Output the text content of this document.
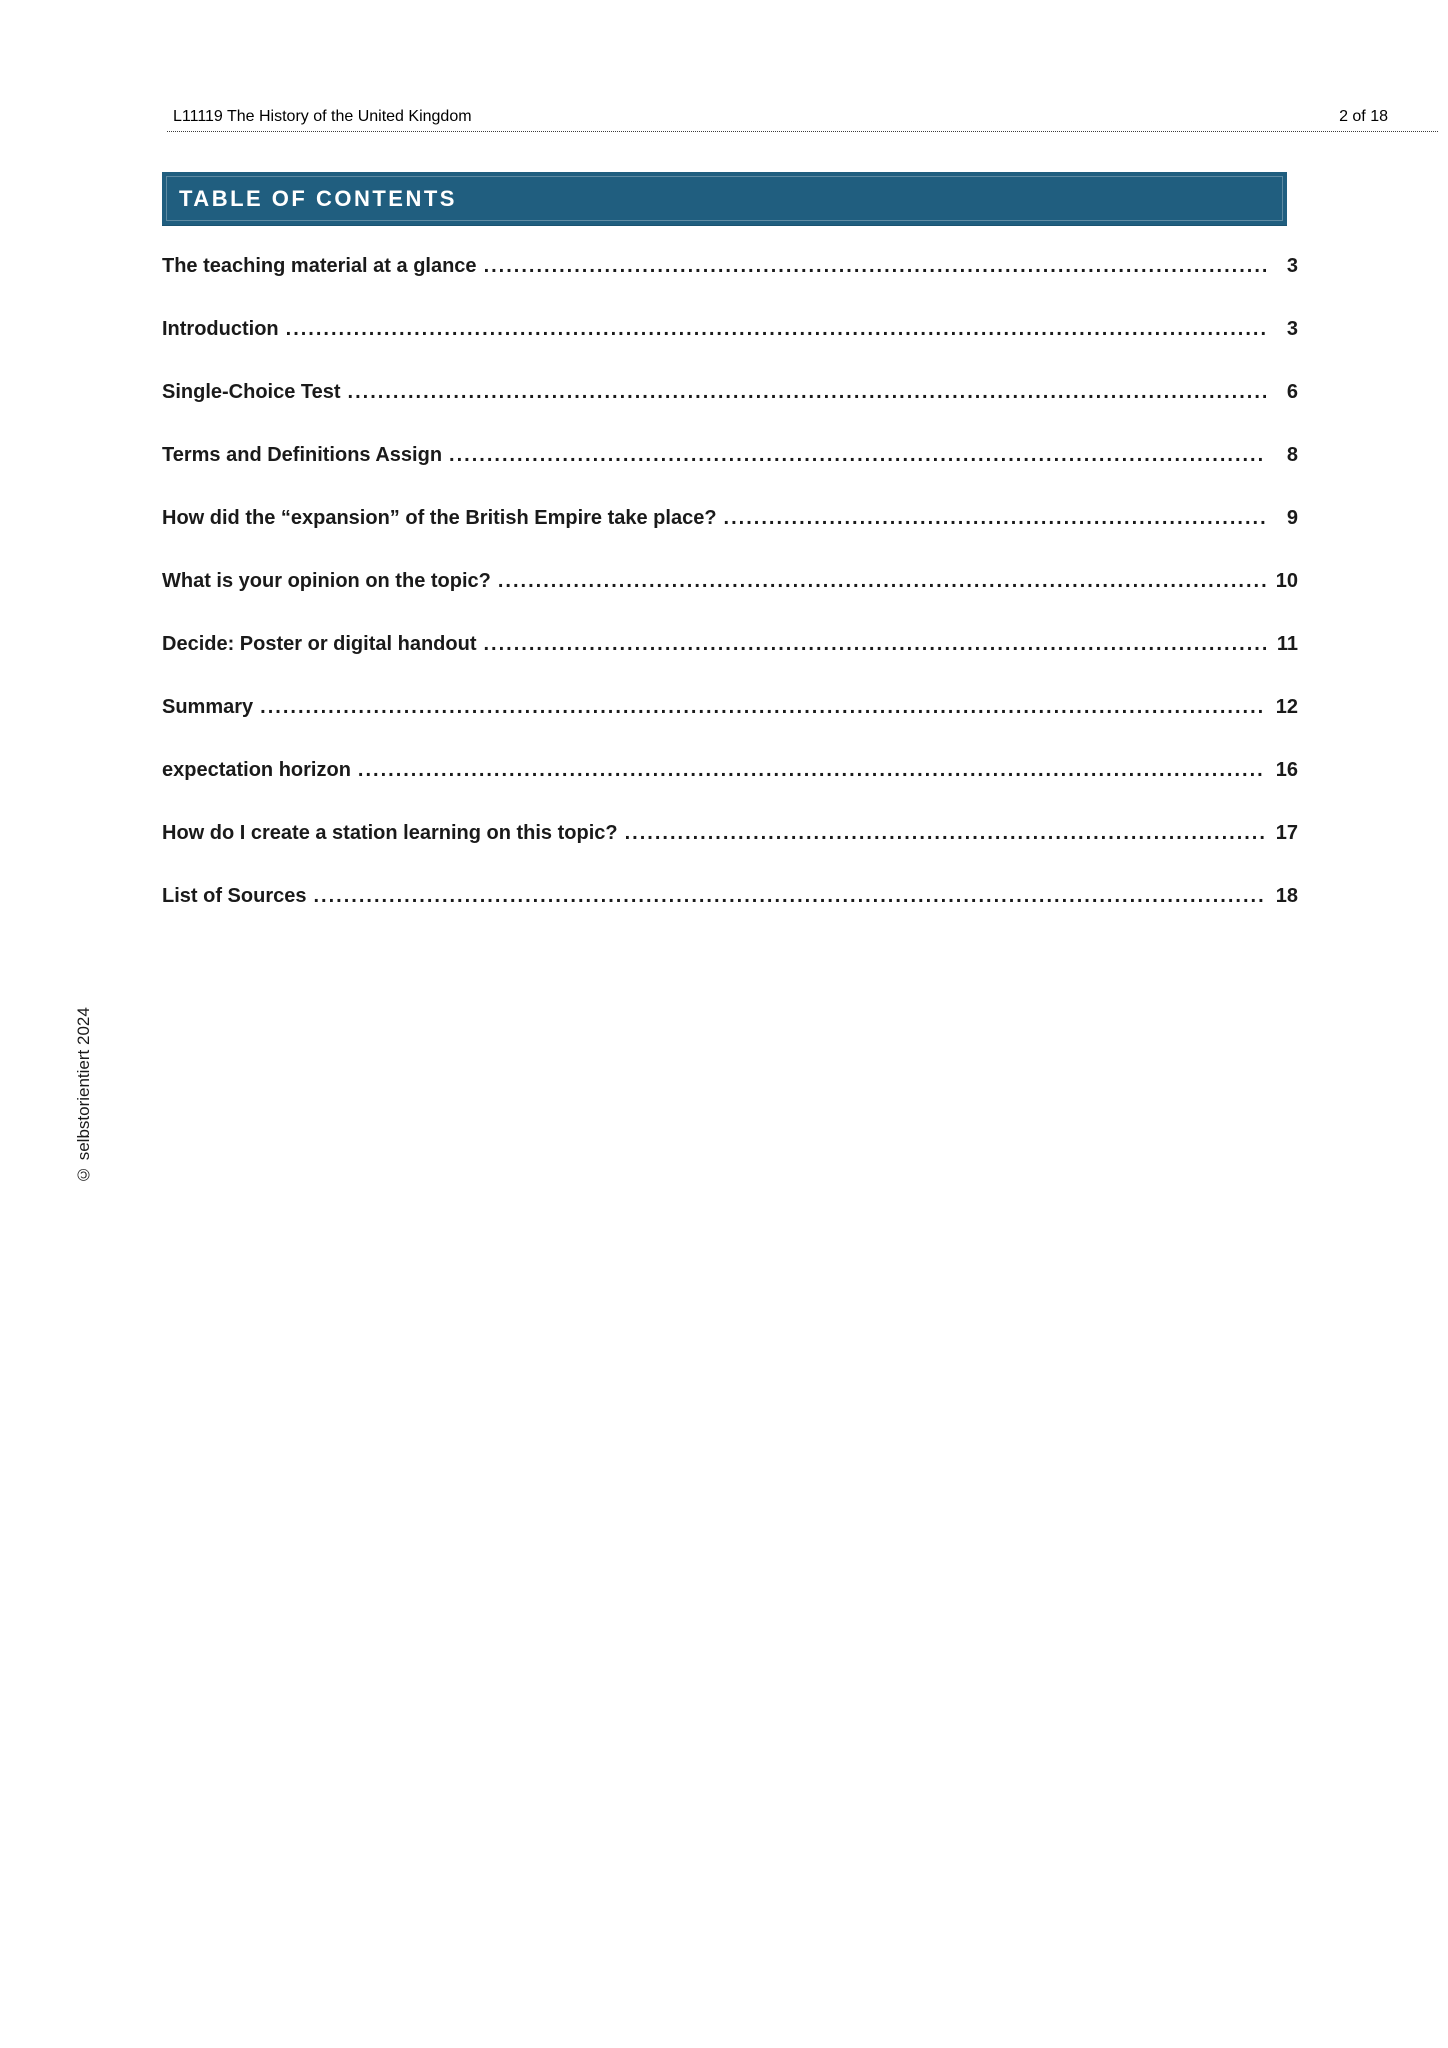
L11119 The History of the United Kingdom	2 of 18
TABLE OF CONTENTS
The teaching material at a glance .....	3
Introduction .....	3
Single-Choice Test .....	6
Terms and Definitions Assign .....	8
How did the “expansion” of the British Empire take place? .....	9
What is your opinion on the topic? .....	10
Decide: Poster or digital handout .....	11
Summary .....	12
expectation horizon .....	16
How do I create a station learning on this topic? .....	17
List of Sources .....	18
© selbstorientiert 2024
